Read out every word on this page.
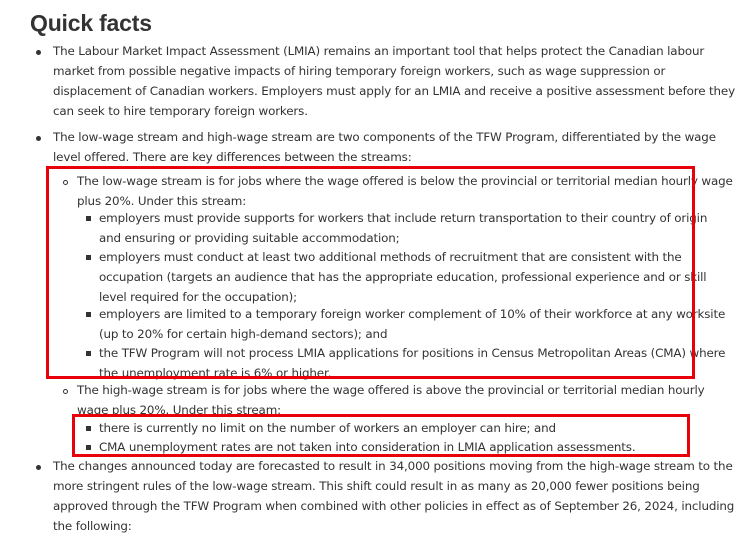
Quick facts
The Labour Market Impact Assessment (LMIA) remains an important tool that helps protect the Canadian labour
market from possible negative impacts of hiring temporary foreign workers, such as wage suppression or
displacement of Canadian workers. Employers must apply for an LMIA and receive a positive assessment before they
can seek to hire temporary foreign workers.
The low-wage stream and high-wage stream are two components of the TFW Program, differentiated by the wage
level offered. There are key differences between the streams:
The low-wage stream is for jobs where the wage offered is below the provincial or territorial median hourly wage
plus 20%. Under this stream:
employers must provide supports for workers that include return transportation to their country of origin
and ensuring or providing suitable accommodation;
employers must conduct at least two additional methods of recruitment that are consistent with the
occupation (targets an audience that has the appropriate education, professional experience and or skill
level required for the occupation);
employers are limited to a temporary foreign worker complement of 10% of their workforce at any worksite
(up to 20% for certain high-demand sectors); and
the TFW Program will not process LMIA applications for positions in Census Metropolitan Areas (CMA) where
the unemployment rate is 6% or higher.
The high-wage stream is for jobs where the wage offered is above the provincial or territorial median hourly
wage plus 20%. Under this stream:
there is currently no limit on the number of workers an employer can hire; and
CMA unemployment rates are not taken into consideration in LMIA application assessments.
The changes announced today are forecasted to result in 34,000 positions moving from the high-wage stream to the
more stringent rules of the low-wage stream. This shift could result in as many as 20,000 fewer positions being
approved through the TFW Program when combined with other policies in effect as of September 26, 2024, including
the following:
